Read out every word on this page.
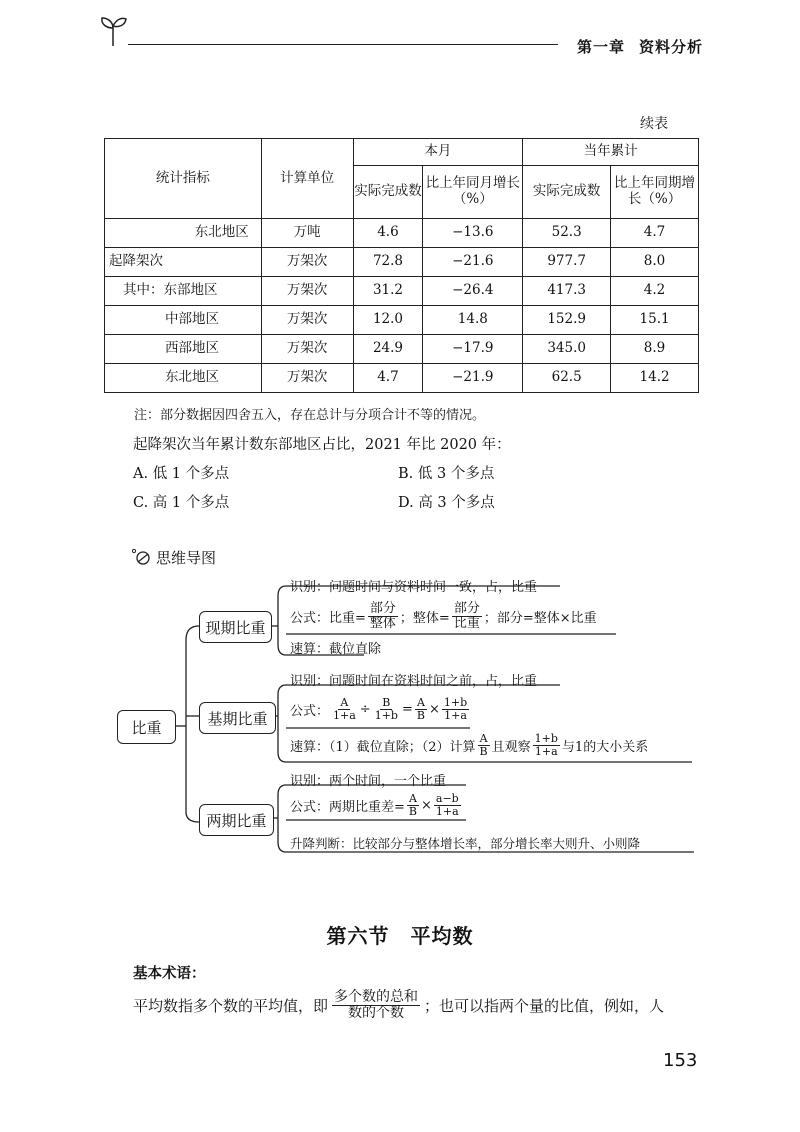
第一章 资料分析
续表
统计指标	计算单位	本月		当年累计	
		实际完成数	比上年同月增长（%）	实际完成数	比上年同期增长（%）

东北地区	万吨	4.6	−13.6	52.3	4.7
起降架次	万架次	72.8	−21.6	977.7	8.0
其中：东部地区	万架次	31.2	−26.4	417.3	4.2
中部地区	万架次	12.0	14.8	152.9	15.1
西部地区	万架次	24.9	−17.9	345.0	8.9
东北地区	万架次	4.7	−21.9	62.5	14.2
注：部分数据因四舍五入，存在总计与分项合计不等的情况。
起降架次当年累计数东部地区占比，2021 年比 2020 年：
A. 低 1 个多点	B. 低 3 个多点
C. 高 1 个多点	D. 高 3 个多点
思维导图
比重
现期比重
基期比重
两期比重
识别：问题时间与资料时间一致，占，比重
公式：比重= $\frac{\text{部分}}{\text{整体}}$ ；整体= $\frac{\text{部分}}{\text{比重}}$ ；部分=整体×比重
速算：截位直除
识别：问题时间在资料时间之前，占，比重
公式： $\frac{A}{1+a} \div \frac{B}{1+b} = \frac{A}{B} \times \frac{1+b}{1+a}$
速算：（1）截位直除；（2）计算 $\frac{A}{B}$ 且观察 $\frac{1+b}{1+a}$ 与1的大小关系
识别：两个时间，一个比重
公式：两期比重差= $\frac{A}{B} \times \frac{a-b}{1+a}$
升降判断：比较部分与整体增长率，部分增长率大则升、小则降
第六节　平均数
基本术语：
平均数指多个数的平均值，即 $\frac{\text{多个数的总和}}{\text{数的个数}}$ ；也可以指两个量的比值，例如，人
153
